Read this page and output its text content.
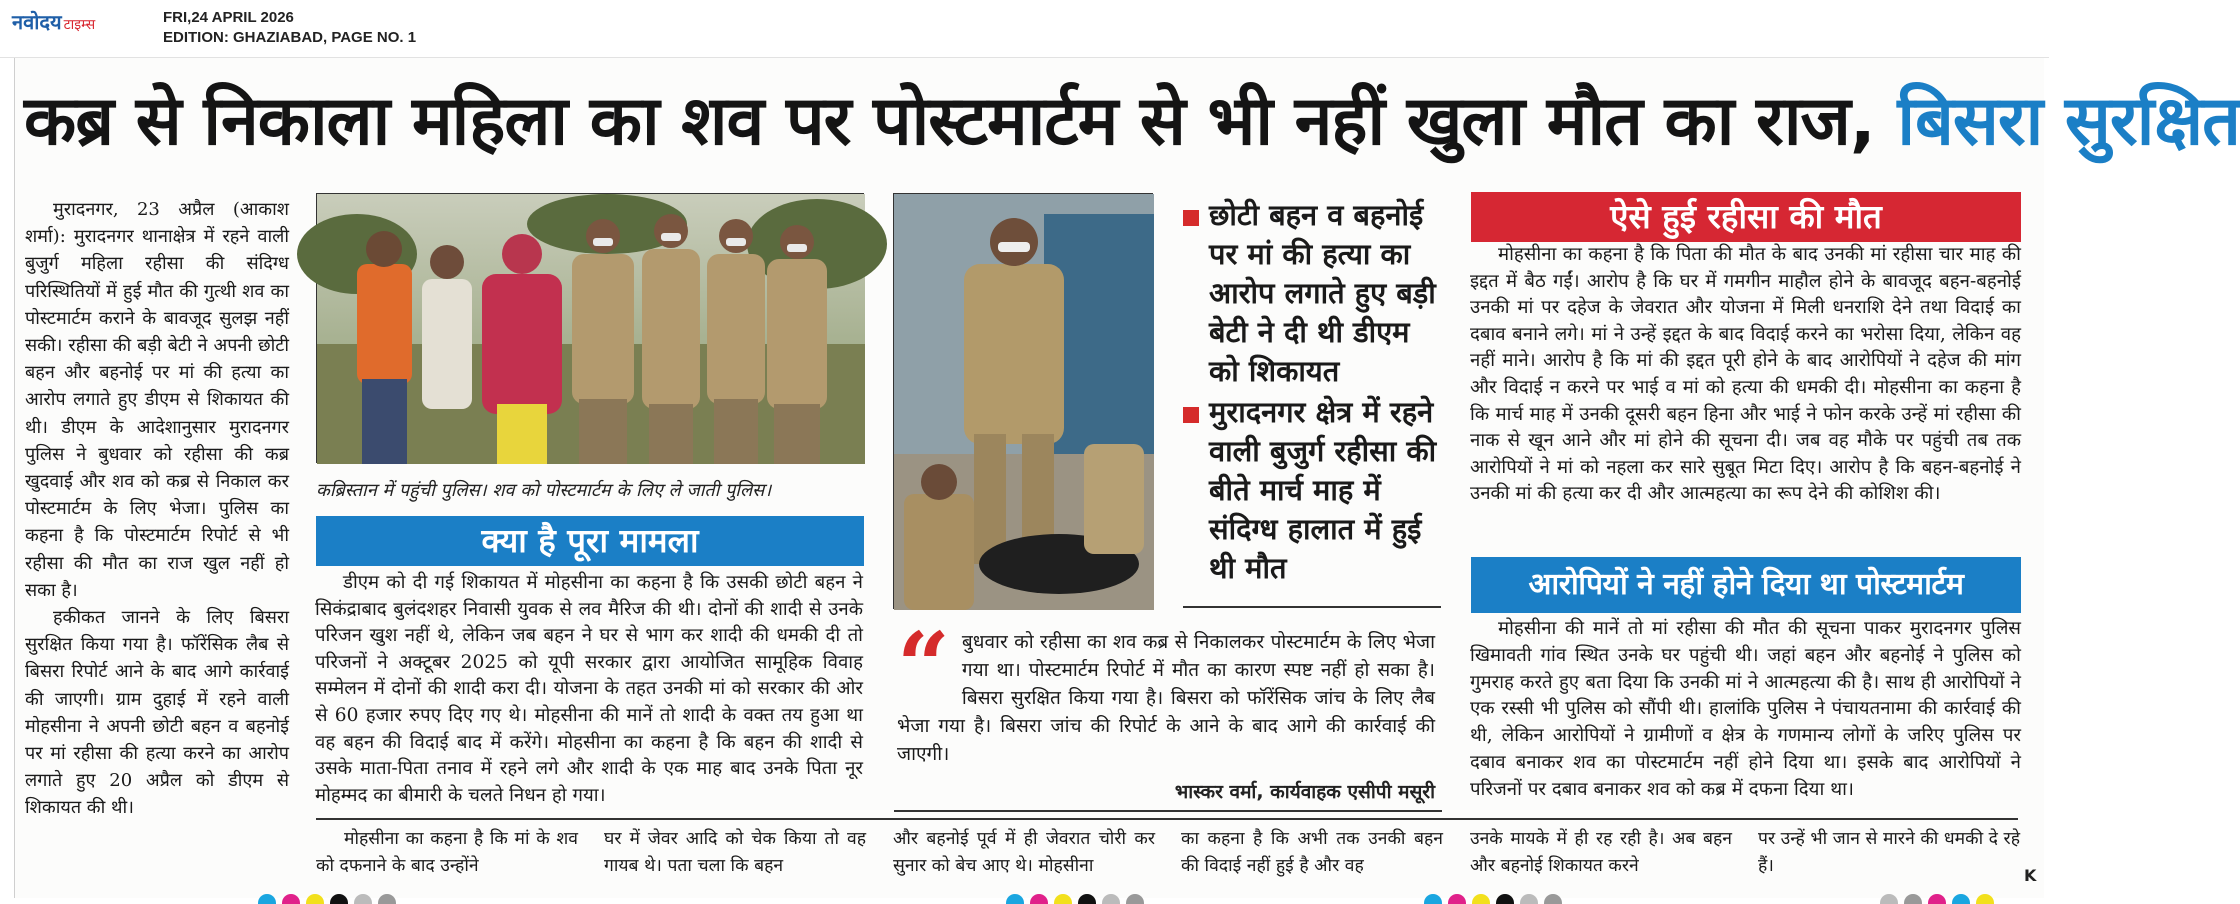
नवोदय टाइम्स	FRI,24 APRIL 2026
EDITION: GHAZIABAD, PAGE NO. 1
कब्र से निकाला महिला का शव पर पोस्टमार्टम से भी नहीं खुला मौत का राज, बिसरा सुरक्षित

मुरादनगर, 23 अप्रैल (आकाश शर्मा): मुरादनगर थानाक्षेत्र में रहने वाली बुजुर्ग महिला रहीसा की संदिग्ध परिस्थितियों में हुई मौत की गुत्थी शव का पोस्टमार्टम कराने के बावजूद सुलझ नहीं सकी। रहीसा की बड़ी बेटी ने अपनी छोटी बहन और बहनोई पर मां की हत्या का आरोप लगाते हुए डीएम से शिकायत की थी। डीएम के आदेशानुसार मुरादनगर पुलिस ने बुधवार को रहीसा की कब्र खुदवाई और शव को कब्र से निकाल कर पोस्टमार्टम के लिए भेजा। पुलिस का कहना है कि पोस्टमार्टम रिपोर्ट से भी रहीसा की मौत का राज खुल नहीं हो सका है।

हकीकत जानने के लिए बिसरा सुरक्षित किया गया है। फॉरेंसिक लैब से बिसरा रिपोर्ट आने के बाद आगे कार्रवाई की जाएगी। ग्राम दुहाई में रहने वाली मोहसीना ने अपनी छोटी बहन व बहनोई पर मां रहीसा की हत्या करने का आरोप लगाते हुए 20 अप्रैल को डीएम से शिकायत की थी।

कब्रिस्तान में पहुंची पुलिस। शव को पोस्टमार्टम के लिए ले जाती पुलिस।
क्या है पूरा मामला

डीएम को दी गई शिकायत में मोहसीना का कहना है कि उसकी छोटी बहन ने सिकंद्राबाद बुलंदशहर निवासी युवक से लव मैरिज की थी। दोनों की शादी से उनके परिजन खुश नहीं थे, लेकिन जब बहन ने घर से भाग कर शादी की धमकी दी तो परिजनों ने अक्टूबर 2025 को यूपी सरकार द्वारा आयोजित सामूहिक विवाह सम्मेलन में दोनों की शादी करा दी। योजना के तहत उनकी मां को सरकार की ओर से 60 हजार रुपए दिए गए थे। मोहसीना की मानें तो शादी के वक्त तय हुआ था वह बहन की विदाई बाद में करेंगे। मोहसीना का कहना है कि बहन की शादी से उसके माता-पिता तनाव में रहने लगे और शादी के एक माह बाद उनके पिता नूर मोहम्मद का बीमारी के चलते निधन हो गया।

छोटी बहन व बहनोई पर मां की हत्या का आरोप लगाते हुए बड़ी बेटी ने दी थी डीएम को शिकायत
मुरादनगर क्षेत्र में रहने वाली बुजुर्ग रहीसा की बीते मार्च माह में संदिग्ध हालात में हुई थी मौत
“ बुधवार को रहीसा का शव कब्र से निकालकर पोस्टमार्टम के लिए भेजा गया था। पोस्टमार्टम रिपोर्ट में मौत का कारण स्पष्ट नहीं हो सका है। बिसरा सुरक्षित किया गया है। बिसरा को फॉरेंसिक जांच के लिए लैब भेजा गया है। बिसरा जांच की रिपोर्ट के आने के बाद आगे की कार्रवाई की जाएगी।
भास्कर वर्मा, कार्यवाहक एसीपी मसूरी
ऐसे हुई रहीसा की मौत

मोहसीना का कहना है कि पिता की मौत के बाद उनकी मां रहीसा चार माह की इद्दत में बैठ गईं। आरोप है कि घर में गमगीन माहौल होने के बावजूद बहन-बहनोई उनकी मां पर दहेज के जेवरात और योजना में मिली धनराशि देने तथा विदाई का दबाव बनाने लगे। मां ने उन्हें इद्दत के बाद विदाई करने का भरोसा दिया, लेकिन वह नहीं माने। आरोप है कि मां की इद्दत पूरी होने के बाद आरोपियों ने दहेज की मांग और विदाई न करने पर भाई व मां को हत्या की धमकी दी। मोहसीना का कहना है कि मार्च माह में उनकी दूसरी बहन हिना और भाई ने फोन करके उन्हें मां रहीसा की नाक से खून आने और मां होने की सूचना दी। जब वह मौके पर पहुंची तब तक आरोपियों ने मां को नहला कर सारे सुबूत मिटा दिए। आरोप है कि बहन-बहनोई ने उनकी मां की हत्या कर दी और आत्महत्या का रूप देने की कोशिश की।

आरोपियों ने नहीं होने दिया था पोस्टमार्टम

मोहसीना की मानें तो मां रहीसा की मौत की सूचना पाकर मुरादनगर पुलिस खिमावती गांव स्थित उनके घर पहुंची थी। जहां बहन और बहनोई ने पुलिस को गुमराह करते हुए बता दिया कि उनकी मां ने आत्महत्या की है। साथ ही आरोपियों ने एक रस्सी भी पुलिस को सौंपी थी। हालांकि पुलिस ने पंचायतनामा की कार्रवाई की थी, लेकिन आरोपियों ने ग्रामीणों व क्षेत्र के गणमान्य लोगों के जरिए पुलिस पर दबाव बनाकर शव का पोस्टमार्टम नहीं होने दिया था। इसके बाद आरोपियों ने परिजनों पर दबाव बनाकर शव को कब्र में दफना दिया था।

मोहसीना का कहना है कि मां के शव को दफनाने के बाद उन्होंने

घर में जेवर आदि को चेक किया तो वह गायब थे। पता चला कि बहन

और बहनोई पूर्व में ही जेवरात चोरी कर सुनार को बेच आए थे। मोहसीना

का कहना है कि अभी तक उनकी बहन की विदाई नहीं हुई है और वह

उनके मायके में ही रह रही है। अब बहन और बहनोई शिकायत करने

पर उन्हें भी जान से मारने की धमकी दे रहे हैं।	K
